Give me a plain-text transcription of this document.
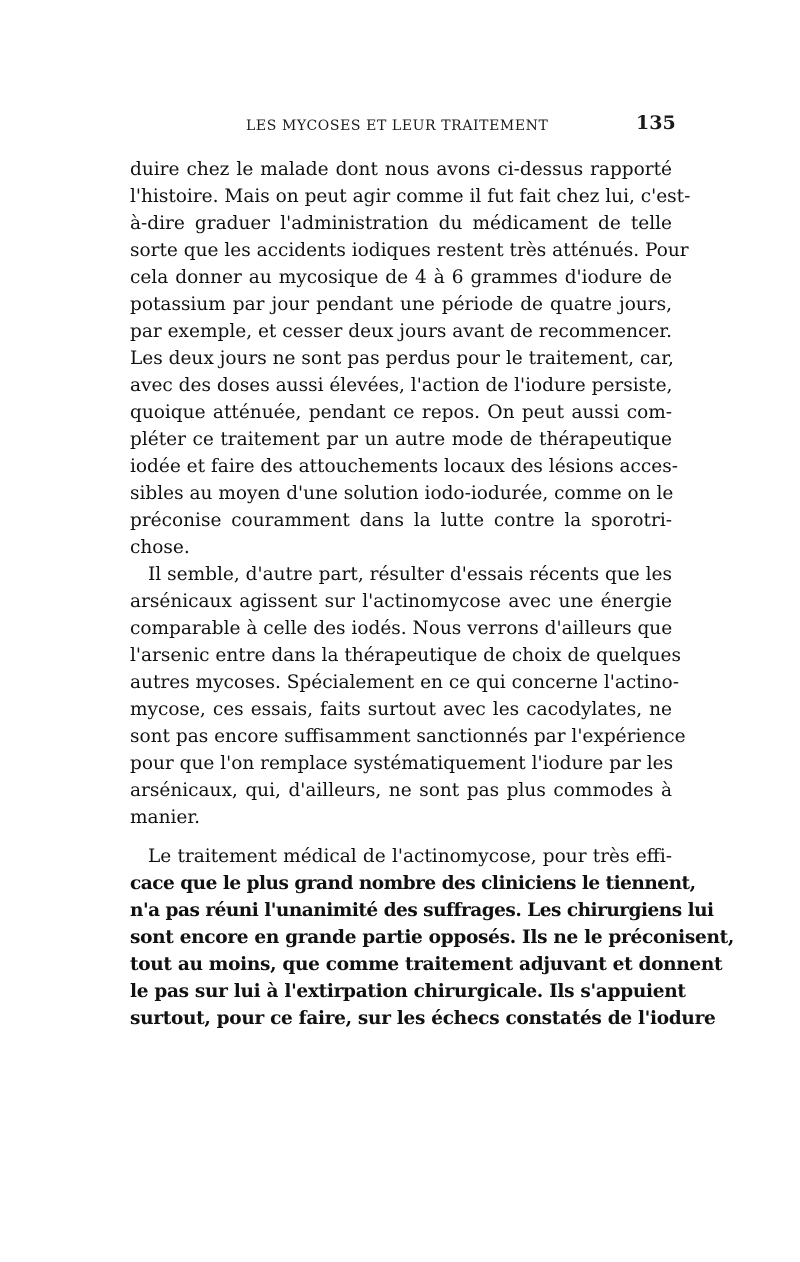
LES MYCOSES ET LEUR TRAITEMENT	135
duire chez le malade dont nous avons ci-dessus rapporté
l'histoire. Mais on peut agir comme il fut fait chez lui, c'est-
à-dire graduer l'administration du médicament de telle
sorte que les accidents iodiques restent très atténués. Pour
cela donner au mycosique de 4 à 6 grammes d'iodure de
potassium par jour pendant une période de quatre jours,
par exemple, et cesser deux jours avant de recommencer.
Les deux jours ne sont pas perdus pour le traitement, car,
avec des doses aussi élevées, l'action de l'iodure persiste,
quoique atténuée, pendant ce repos. On peut aussi com-
pléter ce traitement par un autre mode de thérapeutique
iodée et faire des attouchements locaux des lésions acces-
sibles au moyen d'une solution iodo-iodurée, comme on le
préconise couramment dans la lutte contre la sporotri-
chose.
Il semble, d'autre part, résulter d'essais récents que les
arsénicaux agissent sur l'actinomycose avec une énergie
comparable à celle des iodés. Nous verrons d'ailleurs que
l'arsenic entre dans la thérapeutique de choix de quelques
autres mycoses. Spécialement en ce qui concerne l'actino-
mycose, ces essais, faits surtout avec les cacodylates, ne
sont pas encore suffisamment sanctionnés par l'expérience
pour que l'on remplace systématiquement l'iodure par les
arsénicaux, qui, d'ailleurs, ne sont pas plus commodes à
manier.
Le traitement médical de l'actinomycose, pour très effi-
cace que le plus grand nombre des cliniciens le tiennent,
n'a pas réuni l'unanimité des suffrages. Les chirurgiens lui
sont encore en grande partie opposés. Ils ne le préconisent,
tout au moins, que comme traitement adjuvant et donnent
le pas sur lui à l'extirpation chirurgicale. Ils s'appuient
surtout, pour ce faire, sur les échecs constatés de l'iodure
